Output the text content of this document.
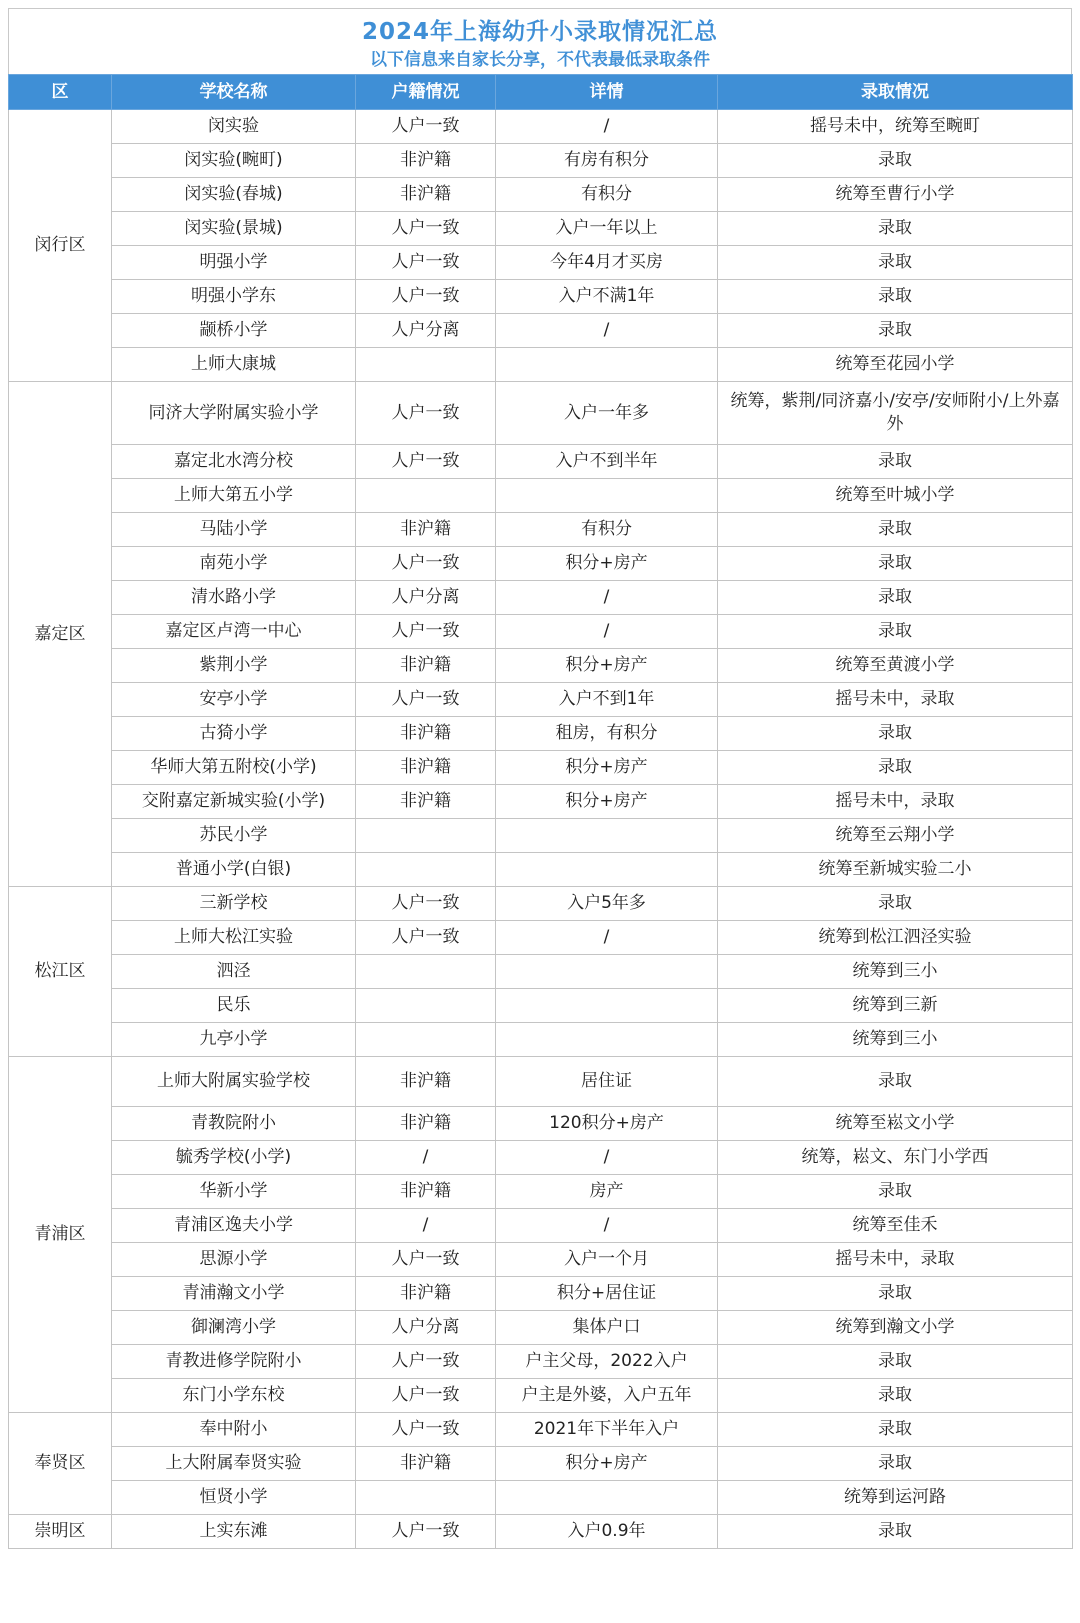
2024年上海幼升小录取情况汇总
以下信息来自家长分享，不代表最低录取条件
区	学校名称	户籍情况	详情	录取情况
闵行区	闵实验	人户一致	/	摇号未中，统筹至畹町
	闵实验(畹町)	非沪籍	有房有积分	录取
	闵实验(春城)	非沪籍	有积分	统筹至曹行小学
	闵实验(景城)	人户一致	入户一年以上	录取
	明强小学	人户一致	今年4月才买房	录取
	明强小学东	人户一致	入户不满1年	录取
	颛桥小学	人户分离	/	录取
	上师大康城			统筹至花园小学
嘉定区	同济大学附属实验小学	人户一致	入户一年多	统筹，紫荆/同济嘉小/安亭/安师附小/上外嘉外
	嘉定北水湾分校	人户一致	入户不到半年	录取
	上师大第五小学			统筹至叶城小学
	马陆小学	非沪籍	有积分	录取
	南苑小学	人户一致	积分+房产	录取
	清水路小学	人户分离	/	录取
	嘉定区卢湾一中心	人户一致	/	录取
	紫荆小学	非沪籍	积分+房产	统筹至黄渡小学
	安亭小学	人户一致	入户不到1年	摇号未中，录取
	古猗小学	非沪籍	租房，有积分	录取
	华师大第五附校(小学)	非沪籍	积分+房产	录取
	交附嘉定新城实验(小学)	非沪籍	积分+房产	摇号未中，录取
	苏民小学			统筹至云翔小学
	普通小学(白银)			统筹至新城实验二小
松江区	三新学校	人户一致	入户5年多	录取
	上师大松江实验	人户一致	/	统筹到松江泗泾实验
	泗泾			统筹到三小
	民乐			统筹到三新
	九亭小学			统筹到三小
青浦区	上师大附属实验学校	非沪籍	居住证	录取
	青教院附小	非沪籍	120积分+房产	统筹至崧文小学
	毓秀学校(小学)	/	/	统筹，崧文、东门小学西
	华新小学	非沪籍	房产	录取
	青浦区逸夫小学	/	/	统筹至佳禾
	思源小学	人户一致	入户一个月	摇号未中，录取
	青浦瀚文小学	非沪籍	积分+居住证	录取
	御澜湾小学	人户分离	集体户口	统筹到瀚文小学
	青教进修学院附小	人户一致	户主父母，2022入户	录取
	东门小学东校	人户一致	户主是外婆，入户五年	录取
奉贤区	奉中附小	人户一致	2021年下半年入户	录取
	上大附属奉贤实验	非沪籍	积分+房产	录取
	恒贤小学			统筹到运河路
崇明区	上实东滩	人户一致	入户0.9年	录取
